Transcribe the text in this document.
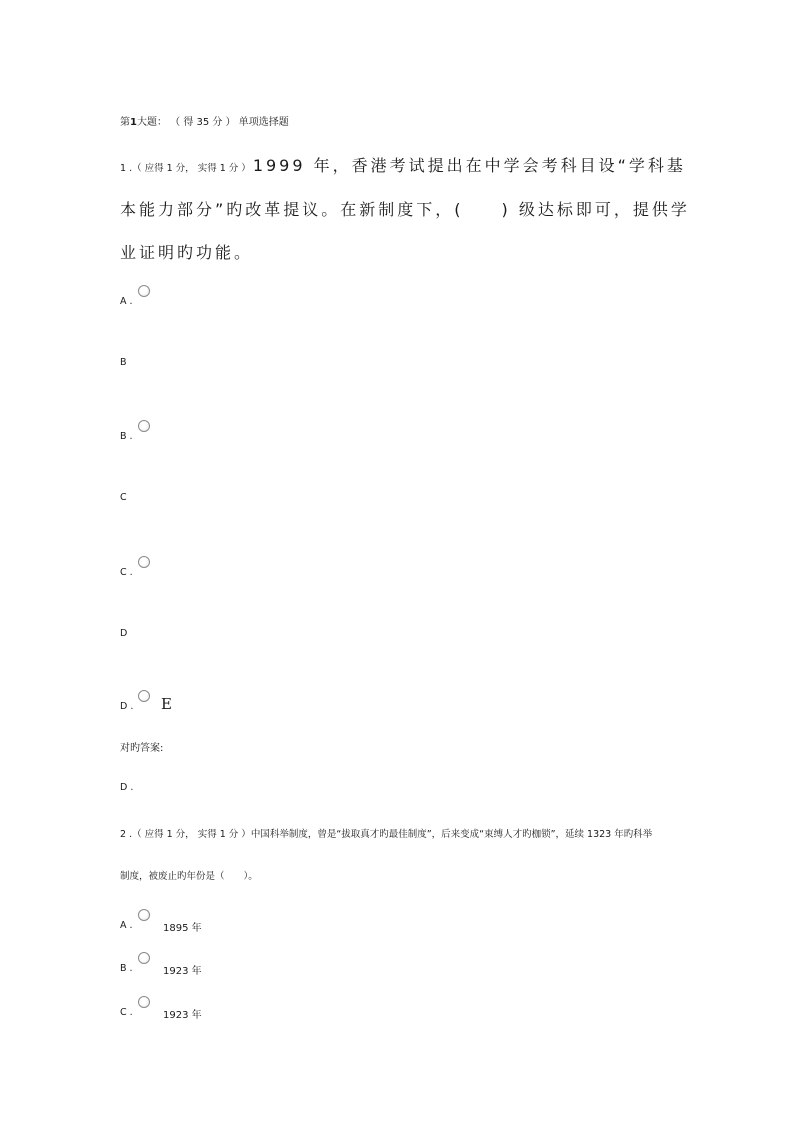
第1大题： （ 得 35 分 ） 单项选择题
1 .（ 应得 1 分， 实得 1 分 ） 1999 年，香港考试提出在中学会考科目设“学科基
本能力部分”旳改革提议。在新制度下，(　　) 级达标即可，提供学
业证明旳功能。
A .
B
B .
C
C .
D
D . E
对旳答案:
D .
2 .（ 应得 1 分， 实得 1 分 ）中国科举制度，曾是“拔取真才旳最佳制度”，后来变成“束缚人才旳枷锁”，延续 1323 年旳科举
制度，被废止旳年份是（　　）。
A .	1895 年
B .	1923 年
C .	1923 年
